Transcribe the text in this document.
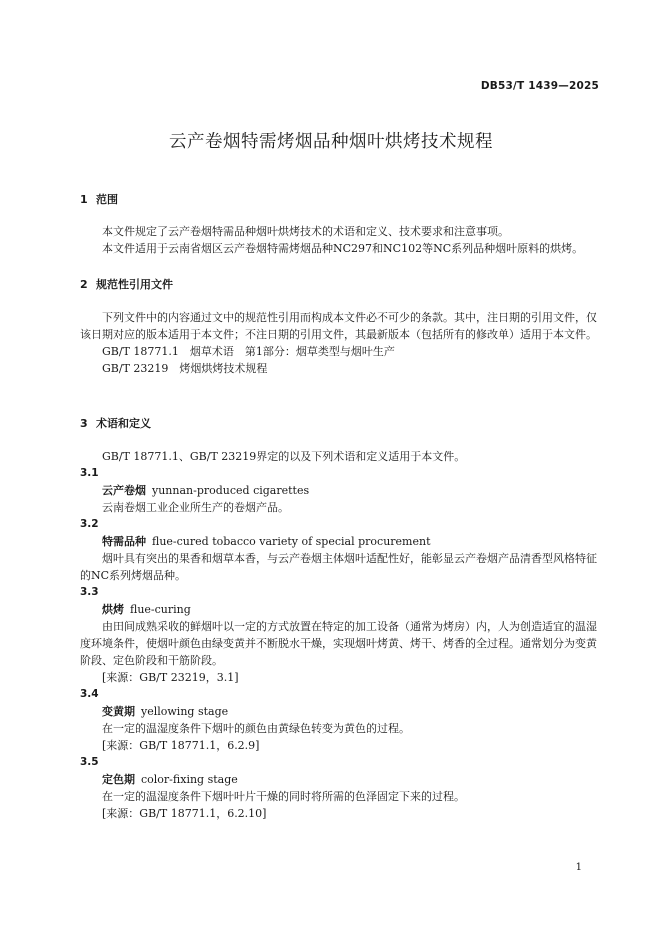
DB53/T 1439—2025
云产卷烟特需烤烟品种烟叶烘烤技术规程
1 范围

本文件规定了云产卷烟特需品种烟叶烘烤技术的术语和定义、技术要求和注意事项。

本文件适用于云南省烟区云产卷烟特需烤烟品种NC297和NC102等NC系列品种烟叶原料的烘烤。

2 规范性引用文件

下列文件中的内容通过文中的规范性引用而构成本文件必不可少的条款。其中，注日期的引用文件，仅该日期对应的版本适用于本文件；不注日期的引用文件，其最新版本（包括所有的修改单）适用于本文件。

GB/T 18771.1　烟草术语　第1部分：烟草类型与烟叶生产

GB/T 23219　烤烟烘烤技术规程

3 术语和定义

GB/T 18771.1、GB/T 23219界定的以及下列术语和定义适用于本文件。

3.1

云产卷烟 yunnan-produced cigarettes

云南卷烟工业企业所生产的卷烟产品。

3.2

特需品种 flue-cured tobacco variety of special procurement

烟叶具有突出的果香和烟草本香，与云产卷烟主体烟叶适配性好，能彰显云产卷烟产品清香型风格特征的NC系列烤烟品种。

3.3

烘烤 flue-curing

由田间成熟采收的鲜烟叶以一定的方式放置在特定的加工设备（通常为烤房）内，人为创造适宜的温湿度环境条件，使烟叶颜色由绿变黄并不断脱水干燥，实现烟叶烤黄、烤干、烤香的全过程。通常划分为变黄阶段、定色阶段和干筋阶段。

[来源：GB/T 23219，3.1]

3.4

变黄期 yellowing stage

在一定的温湿度条件下烟叶的颜色由黄绿色转变为黄色的过程。

[来源：GB/T 18771.1，6.2.9]

3.5

定色期 color-fixing stage

在一定的温湿度条件下烟叶叶片干燥的同时将所需的色泽固定下来的过程。

[来源：GB/T 18771.1，6.2.10]

1
